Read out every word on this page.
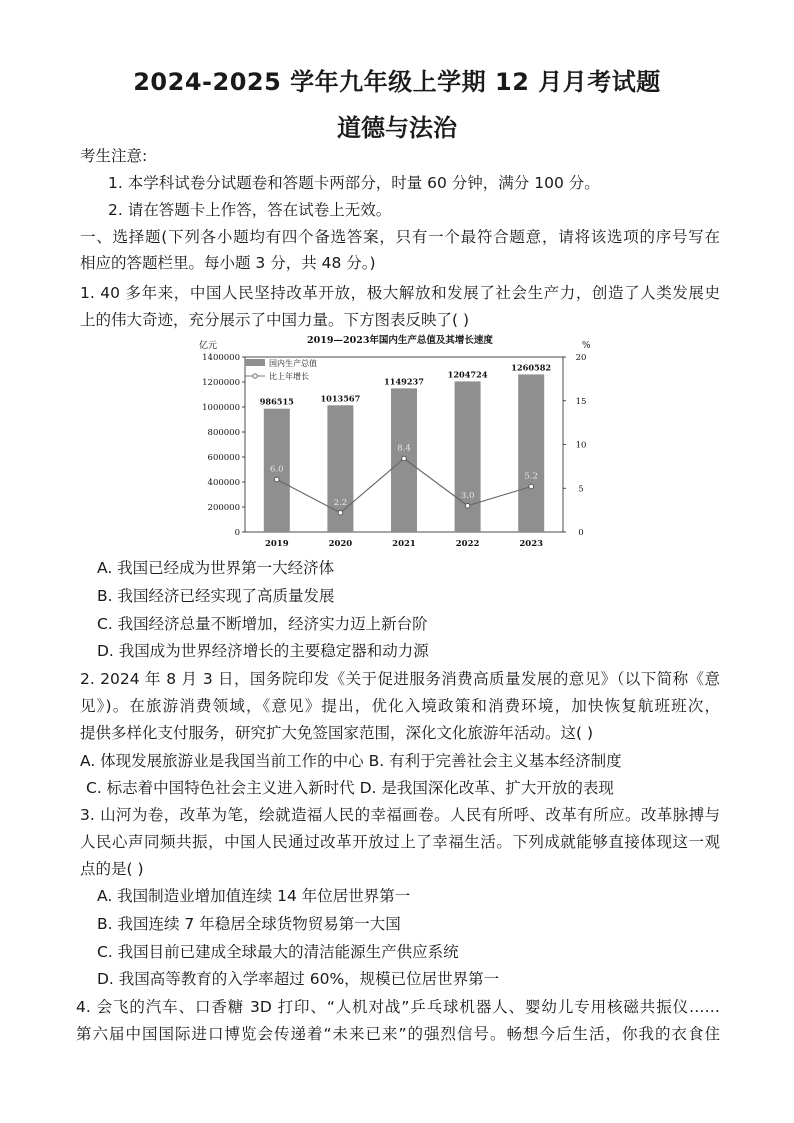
2024-2025 学年九年级上学期 12 月月考试题
道德与法治
考生注意:
1. 本学科试卷分试题卷和答题卡两部分，时量 60 分钟，满分 100 分。
2. 请在答题卡上作答，答在试卷上无效。
一、选择题(下列各小题均有四个备选答案，只有一个最符合题意，请将该选项的序号写在
相应的答题栏里。每小题 3 分，共 48 分。)
1. 40 多年来，中国人民坚持改革开放，极大解放和发展了社会生产力，创造了人类发展史
上的伟大奇迹，充分展示了中国力量。下方图表反映了( )
2019—2023年国内生产总值及其增长速度
亿元	%
0
200000
400000
600000
800000
1000000
1200000
1400000
0
5
10
15
20
2019	2020	2021	2022	2023
986515	1013567
1149237
1204724
1260582
6.0
2.2
8.4
3.0
5.2
国内生产总值
比上年增长
A. 我国已经成为世界第一大经济体
B. 我国经济已经实现了高质量发展
C. 我国经济总量不断增加，经济实力迈上新台阶
D. 我国成为世界经济增长的主要稳定器和动力源
2. 2024 年 8 月 3 日，国务院印发《关于促进服务消费高质量发展的意见》（以下简称《意
见》)。在旅游消费领域，《意见》提出，优化入境政策和消费环境，加快恢复航班班次，
提供多样化支付服务，研究扩大免签国家范围，深化文化旅游年活动。这( )
A. 体现发展旅游业是我国当前工作的中心 B. 有利于完善社会主义基本经济制度
C. 标志着中国特色社会主义进入新时代 D. 是我国深化改革、扩大开放的表现
3. 山河为卷，改革为笔，绘就造福人民的幸福画卷。人民有所呼、改革有所应。改革脉搏与
人民心声同频共振，中国人民通过改革开放过上了幸福生活。下列成就能够直接体现这一观
点的是( )
A. 我国制造业增加值连续 14 年位居世界第一
B. 我国连续 7 年稳居全球货物贸易第一大国
C. 我国目前已建成全球最大的清洁能源生产供应系统
D. 我国高等教育的入学率超过 60%，规模已位居世界第一
4. 会飞的汽车、口香糖 3D 打印、“人机对战”乒乓球机器人、婴幼儿专用核磁共振仪……
第六届中国国际进口博览会传递着“未来已来”的强烈信号。畅想今后生活，你我的衣食住
